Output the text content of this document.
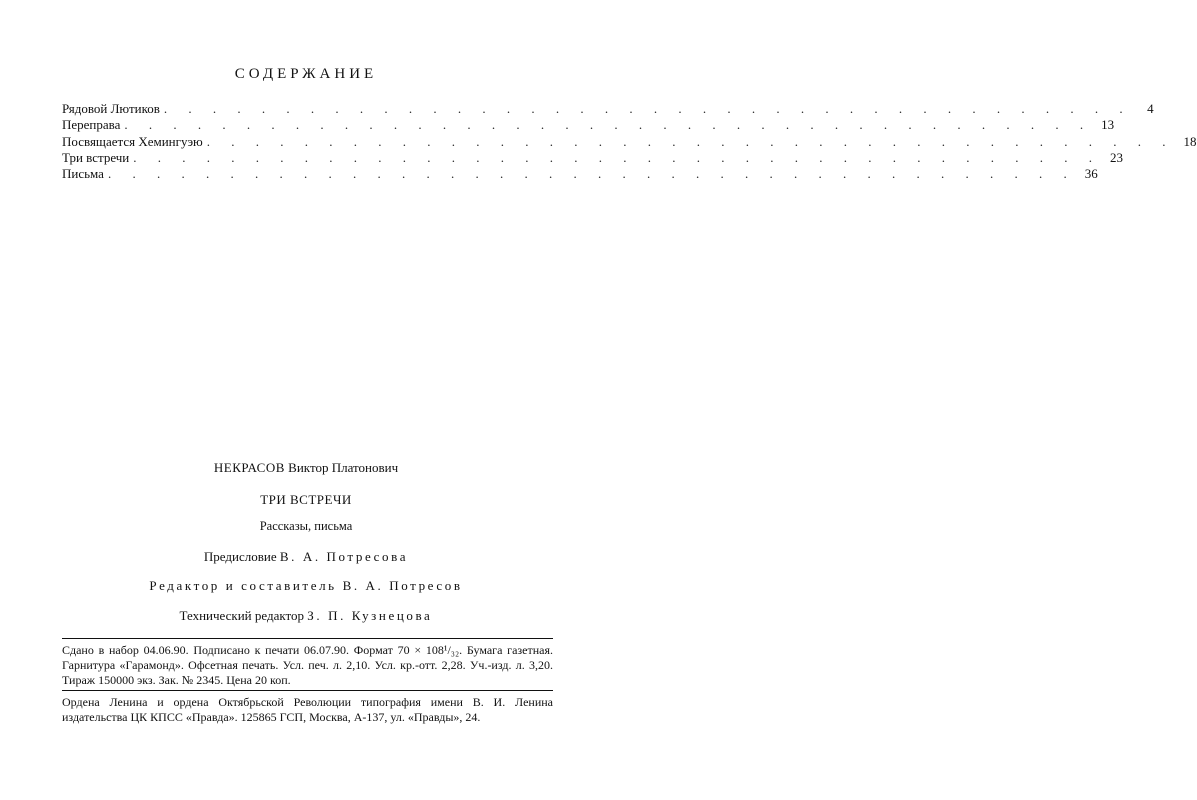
СОДЕРЖАНИЕ
Рядовой Лютиков . . . . . . . . . . . . . . . . . . . . . . . . . . . . . . . . . . . . . . . .	4
Переправа . . . . . . . . . . . . . . . . . . . . . . . . . . . . . . . . . . . . . . . . 13
Посвящается Хемингуэю . . . . . . . . . . . . . . . . . . . . . . . . . . . . . . . . . . . . . . . . 18
Три встречи . . . . . . . . . . . . . . . . . . . . . . . . . . . . . . . . . . . . . . . . 23
Письма . . . . . . . . . . . . . . . . . . . . . . . . . . . . . . . . . . . . . . . . 36
НЕКРАСОВ Виктор Платонович
ТРИ ВСТРЕЧИ
Рассказы, письма
Предисловие В. А. Потресова
Редактор и составитель В. А. Потресов
Технический редактор З. П. Кузнецова
Сдано в набор 04.06.90. Подписано к печати 06.07.90. Формат 70 × 108¹/₃₂. Бумага газетная. Гарнитура «Гарамонд». Офсетная печать. Усл. печ. л. 2,10. Усл. кр.-отт. 2,28. Уч.-изд. л. 3,20. Тираж 150000 экз. Зак. № 2345. Цена 20 коп.
Ордена Ленина и ордена Октябрьской Революции типография имени В. И. Ленина издательства ЦК КПСС «Правда». 125865 ГСП, Москва, А-137, ул. «Правды», 24.
